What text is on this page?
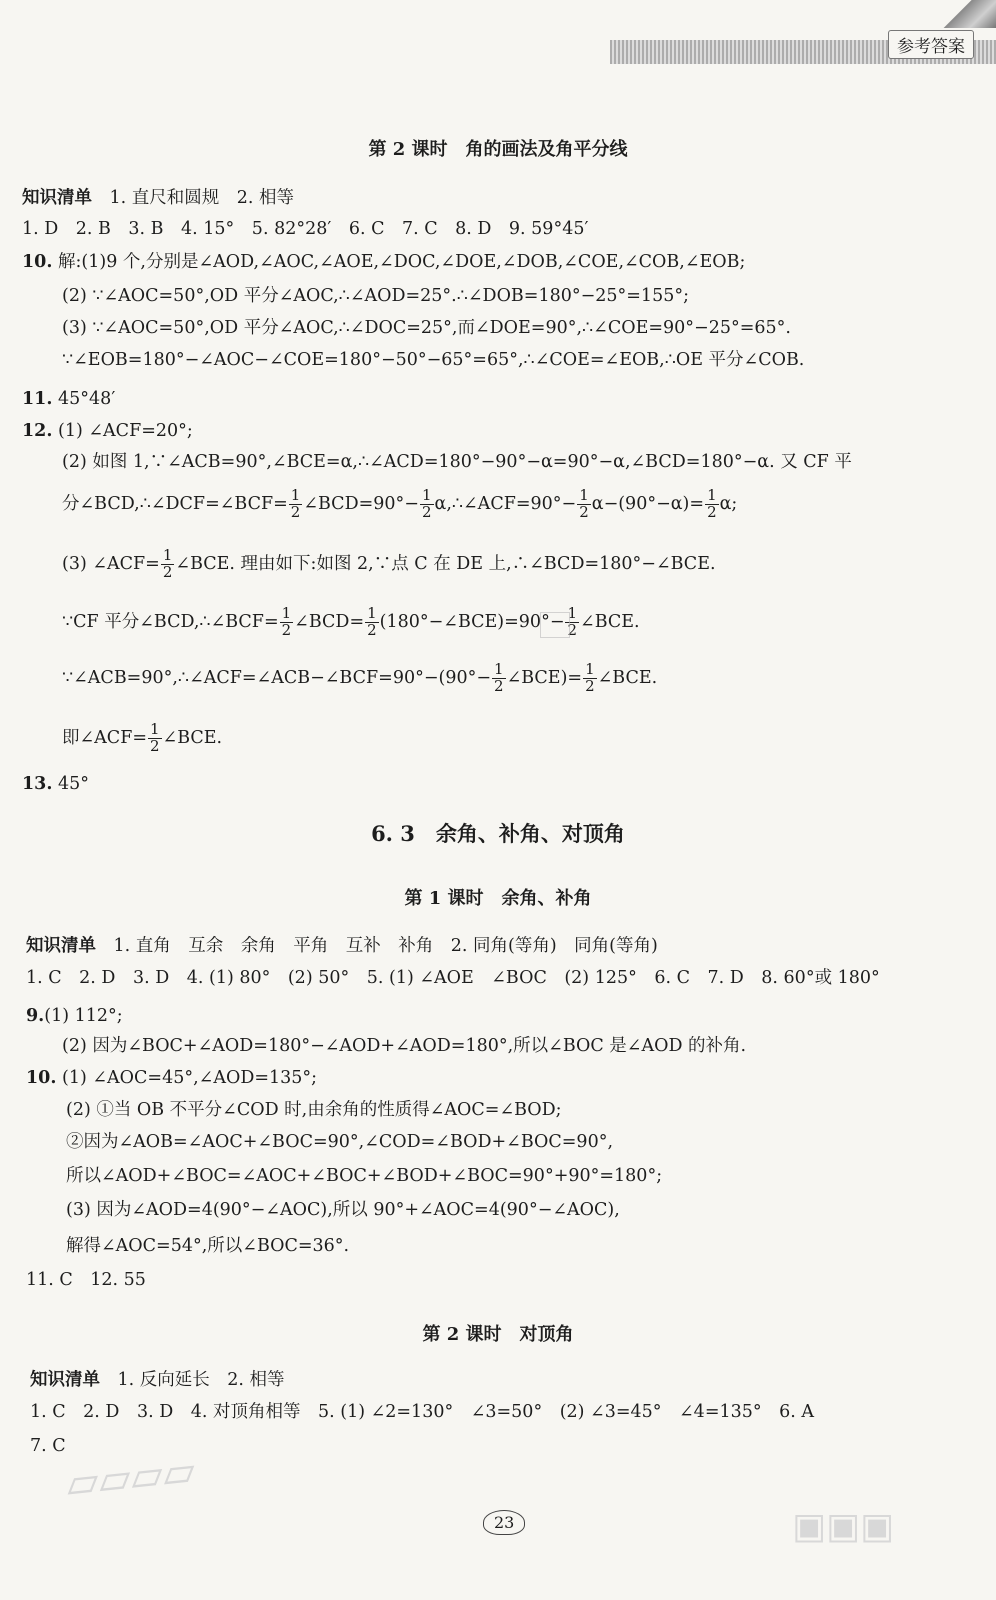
参考答案
第 2 课时　角的画法及角平分线
知识清单　 1. 直尺和圆规　2. 相等
1. D　2. B　3. B　4. 15°　5. 82°28′　6. C　7. C　8. D　9. 59°45′
10. 解:(1)9 个,分别是∠AOD,∠AOC,∠AOE,∠DOC,∠DOE,∠DOB,∠COE,∠COB,∠EOB;
(2) ∵∠AOC=50°,OD 平分∠AOC,∴∠AOD=25°.∴∠DOB=180°−25°=155°;
(3) ∵∠AOC=50°,OD 平分∠AOC,∴∠DOC=25°,而∠DOE=90°,∴∠COE=90°−25°=65°.
∵∠EOB=180°−∠AOC−∠COE=180°−50°−65°=65°,∴∠COE=∠EOB,∴OE 平分∠COB.
11. 45°48′
12. (1) ∠ACF=20°;
(2) 如图 1,∵∠ACB=90°,∠BCE=α,∴∠ACD=180°−90°−α=90°−α,∠BCD=180°−α. 又 CF 平
分∠BCD,∴∠DCF=∠BCF= $\frac{1}{2}$ ∠BCD=90°− $\frac{1}{2}$ α,∴∠ACF=90°− $\frac{1}{2} \alpha-(90^\circ-\alpha)= \frac{1}{2} \alpha$;
(3) ∠ACF= $\frac{1}{2}$ ∠BCE. 理由如下:如图 2,∵点 C 在 DE 上,∴∠BCD=180°−∠BCE.
∵CF 平分∠BCD,∴∠BCF= $\frac{1}{2}$ ∠BCD= $\frac{1}{2}$ (180°−∠BCE)=90°− $\frac{1}{2}$ ∠BCE.
∵∠ACB=90°,∴∠ACF=∠ACB−∠BCF=90°−(90°− $\frac{1}{2}$ ∠BCE)= $\frac{1}{2}$ ∠BCE.
即∠ACF= $\frac{1}{2}$ ∠BCE.
13. 45°
6. 3　余角、补角、对顶角
第 1 课时　余角、补角
知识清单　 1. 直角　互余　余角　平角　互补　补角　2. 同角(等角)　同角(等角)
1. C　2. D　3. D　4. (1) 80°　(2) 50°　5. (1) ∠AOE　∠BOC　(2) 125°　6. C　7. D　8. 60°或 180°
9.(1) 112°;
(2) 因为∠BOC+∠AOD=180°−∠AOD+∠AOD=180°,所以∠BOC 是∠AOD 的补角.
10. (1) ∠AOC=45°,∠AOD=135°;
(2) ①当 OB 不平分∠COD 时,由余角的性质得∠AOC=∠BOD;
②因为∠AOB=∠AOC+∠BOC=90°,∠COD=∠BOD+∠BOC=90°,
所以∠AOD+∠BOC=∠AOC+∠BOC+∠BOD+∠BOC=90°+90°=180°;
(3) 因为∠AOD=4(90°−∠AOC),所以 90°+∠AOC=4(90°−∠AOC),
解得∠AOC=54°,所以∠BOC=36°.
11. C　12. 55
第 2 课时　对顶角
知识清单　 1. 反向延长　2. 相等
1. C　2. D　3. D　4. 对顶角相等　5. (1) ∠2=130°　∠3=50°　(2) ∠3=45°　∠4=135°　6. A
7. C
▱▱▱▱
▣▣▣
23
